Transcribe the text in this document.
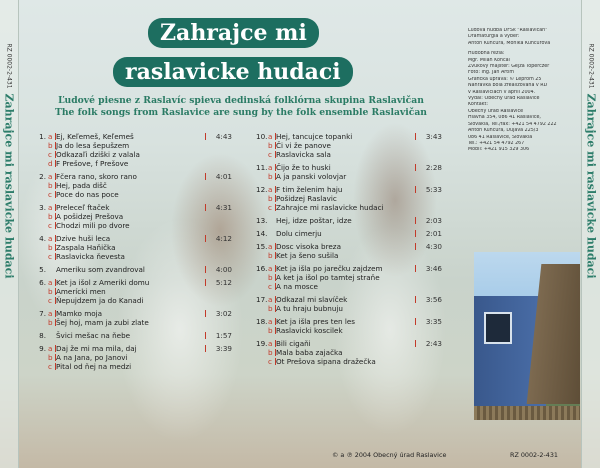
RZ 0002-2-431
Zahrajce mi raslavicke hudaci
RZ 0002-2-431
Zahrajce mi raslavicke hudaci
Zahrajce mi
raslavicke hudaci
Ľudové piesne z Raslavíc spieva dedinská folklórna skupina Raslavičan
The folk songs from Raslavice are sung by the folk ensemble Raslavičan
1. a Ej, Keľemeš, Keľemeš	4:43
b Ja do lesa šepušzem
c Odkazaľi dziški z valala
d F Prešove, f Prešove
2. a Fčera rano, skoro rano	4:01
b Hej, pada dišč
c Poce do nas poce
3. a Preleceľ ftaček	4:31
b A pošidzej Prešova
c Chodzi mili po dvore
4. a Dzive huši leca	4:12
b Zaspala Haňička
c Raslavicka ňevesta
5. Ameriku som zvandroval	4:00
6. a Ket ja išol z Ameriki domu	5:12
b Amerícki men
c Ňepujdzem ja do Kanadi
7. a Mamko moja	3:02
b Šej hoj, mam ja zubi zlate
8. Švici mešac na ňebe	1:57
9. a Daj že mi ma mila, daj	3:39
b A na Jana, po Janovi
c Pital od ňej na medzi
10. a Hej, tancujce topanki	3:43
b Či vi že panove
c Raslavicka sala
11. a Čijo že to huski	2:28
b A ja panski volovjar
12. a F tim želenim haju	5:33
b Pošidzej Raslavic
c Zahrajce mi raslavicke hudaci
13. Hej, idze poštar, idze	2:03
14. Dolu cimerju	2:01
15. a Dosc visoka breza	4:30
b Ket ja šeno sušila
16. a Ket ja išla po jarečku zajdzem	3:46
b A ket ja išol po tamtej straňe
c A na mosce
17. a Odkazal mi slavíček	3:56
b A tu hraju bubnuju
18. a Ket ja išla pres ten les	3:35
b Raslavicki koscilek
19. a Bili cigaňi	2:43
b Mala baba zajačka
c Ot Prešova sipana dražečka
Ľudová hudba DFSk "Raslavičan"
Dramaturgia a výber:
Anton Kuncura, Monika Kuncurová
Hudobná réžia:
Mgr. Milan Končaľ
Zvukový majster: Gejza Toperczer
Foto: Ing. Ján Artim
Grafická úprava: © Leprom 25
Nahrávka bola zrealizovaná v RD
v Raslaviciach v apríli 2004.
Vydal: Obecný úrad Raslavice
Kontakt:
Obecný úrad Raslavice
Hlavná 354, 086 41 Raslavice,
Slovakia, Tel./fax: +421 54 4792 222
Anton Kuncura, Dujava 225/3
086 41 Raslavice, Slovakia
Tel.: +421 54 4792 267
Mobil: +421 915 329 306
© a ℗ 2004 Obecný úrad Raslavice	RZ 0002-2-431
